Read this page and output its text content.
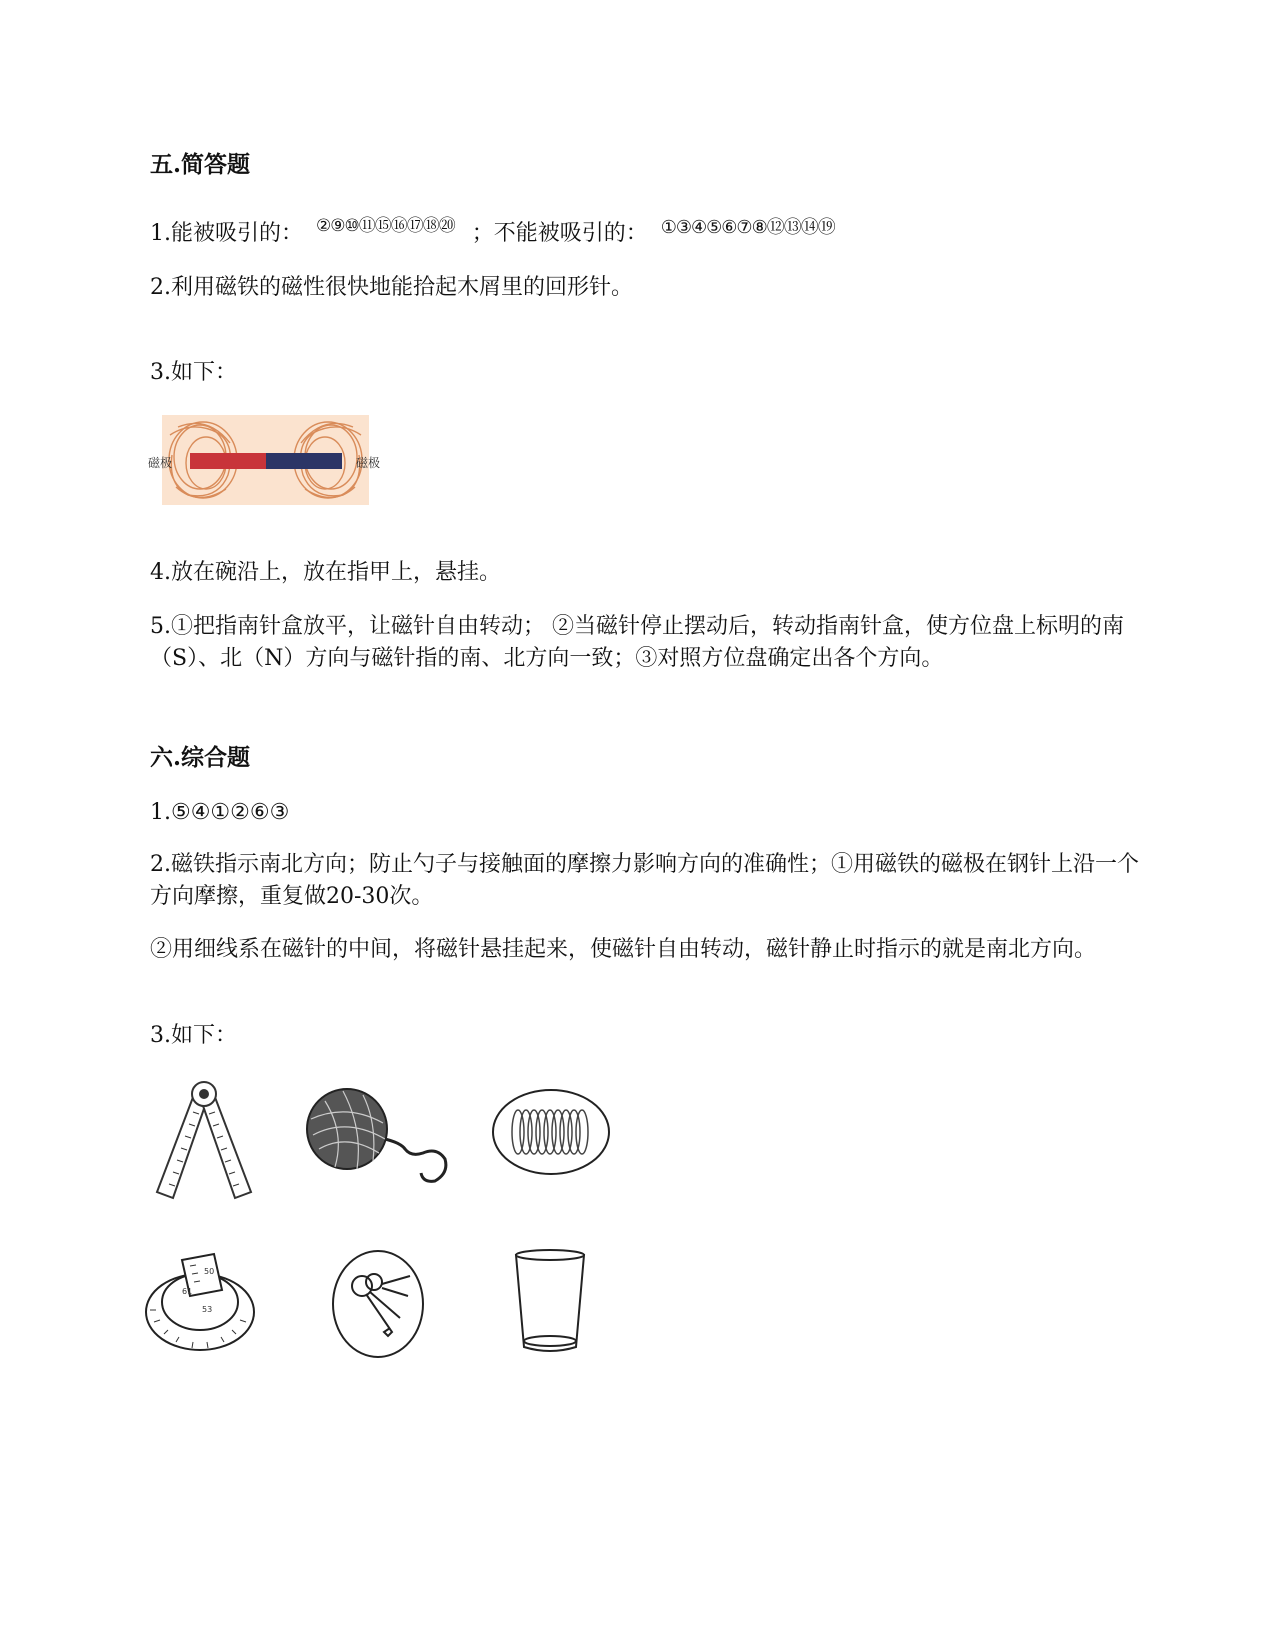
五.简答题

1.能被吸引的： ②⑨⑩⑪⑮⑯⑰⑱⑳ ；不能被吸引的： ①③④⑤⑥⑦⑧⑫⑬⑭⑲

2.利用磁铁的磁性很快地能拾起木屑里的回形针。

3.如下：

磁极	磁极

4.放在碗沿上，放在指甲上，悬挂。

5.①把指南针盒放平，让磁针自由转动； ②当磁针停止摆动后，转动指南针盒，使方位盘上标明的南（S）、北（N）方向与磁针指的南、北方向一致；③对照方位盘确定出各个方向。

六.综合题

1.⑤④①②⑥③

2.磁铁指示南北方向；防止勺子与接触面的摩擦力影响方向的准确性；①用磁铁的磁极在钢针上沿一个方向摩擦，重复做20-30次。

②用细线系在磁针的中间，将磁针悬挂起来，使磁针自由转动，磁针静止时指示的就是南北方向。

3.如下：

50
53
61
